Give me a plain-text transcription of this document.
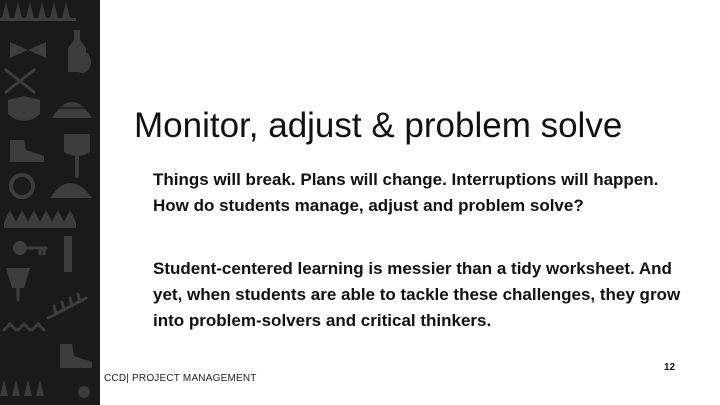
Monitor, adjust & problem solve
Things will break. Plans will change. Interruptions will happen. How do students manage, adjust and problem solve?
Student-centered learning is messier than a tidy worksheet. And yet, when students are able to tackle these challenges, they grow into problem-solvers and critical thinkers.
CCD| PROJECT MANAGEMENT
12
